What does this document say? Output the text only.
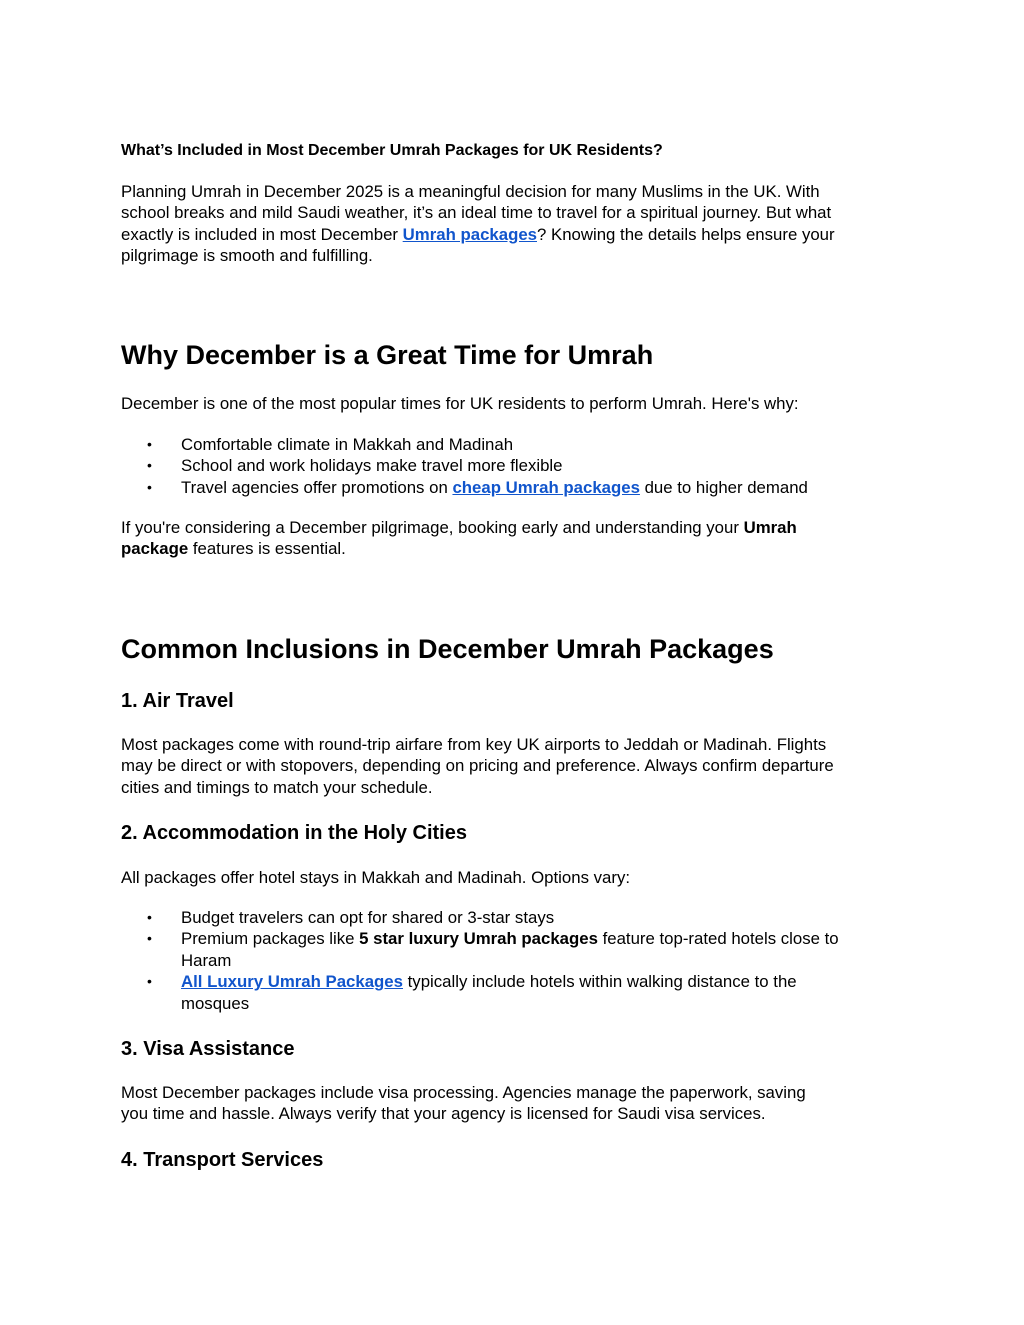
What’s Included in Most December Umrah Packages for UK Residents?

Planning Umrah in December 2025 is a meaningful decision for many Muslims in the UK. With
school breaks and mild Saudi weather, it’s an ideal time to travel for a spiritual journey. But what
exactly is included in most December Umrah packages? Knowing the details helps ensure your
pilgrimage is smooth and fulfilling.

Why December is a Great Time for Umrah

December is one of the most popular times for UK residents to perform Umrah. Here's why:

• Comfortable climate in Makkah and Madinah
• School and work holidays make travel more flexible
• Travel agencies offer promotions on cheap Umrah packages due to higher demand

If you're considering a December pilgrimage, booking early and understanding your Umrah
package features is essential.

Common Inclusions in December Umrah Packages
1. Air Travel

Most packages come with round-trip airfare from key UK airports to Jeddah or Madinah. Flights
may be direct or with stopovers, depending on pricing and preference. Always confirm departure
cities and timings to match your schedule.

2. Accommodation in the Holy Cities

All packages offer hotel stays in Makkah and Madinah. Options vary:

• Budget travelers can opt for shared or 3-star stays
• Premium packages like 5 star luxury Umrah packages feature top-rated hotels close to
Haram
• All Luxury Umrah Packages typically include hotels within walking distance to the
mosques
3. Visa Assistance

Most December packages include visa processing. Agencies manage the paperwork, saving
you time and hassle. Always verify that your agency is licensed for Saudi visa services.

4. Transport Services
